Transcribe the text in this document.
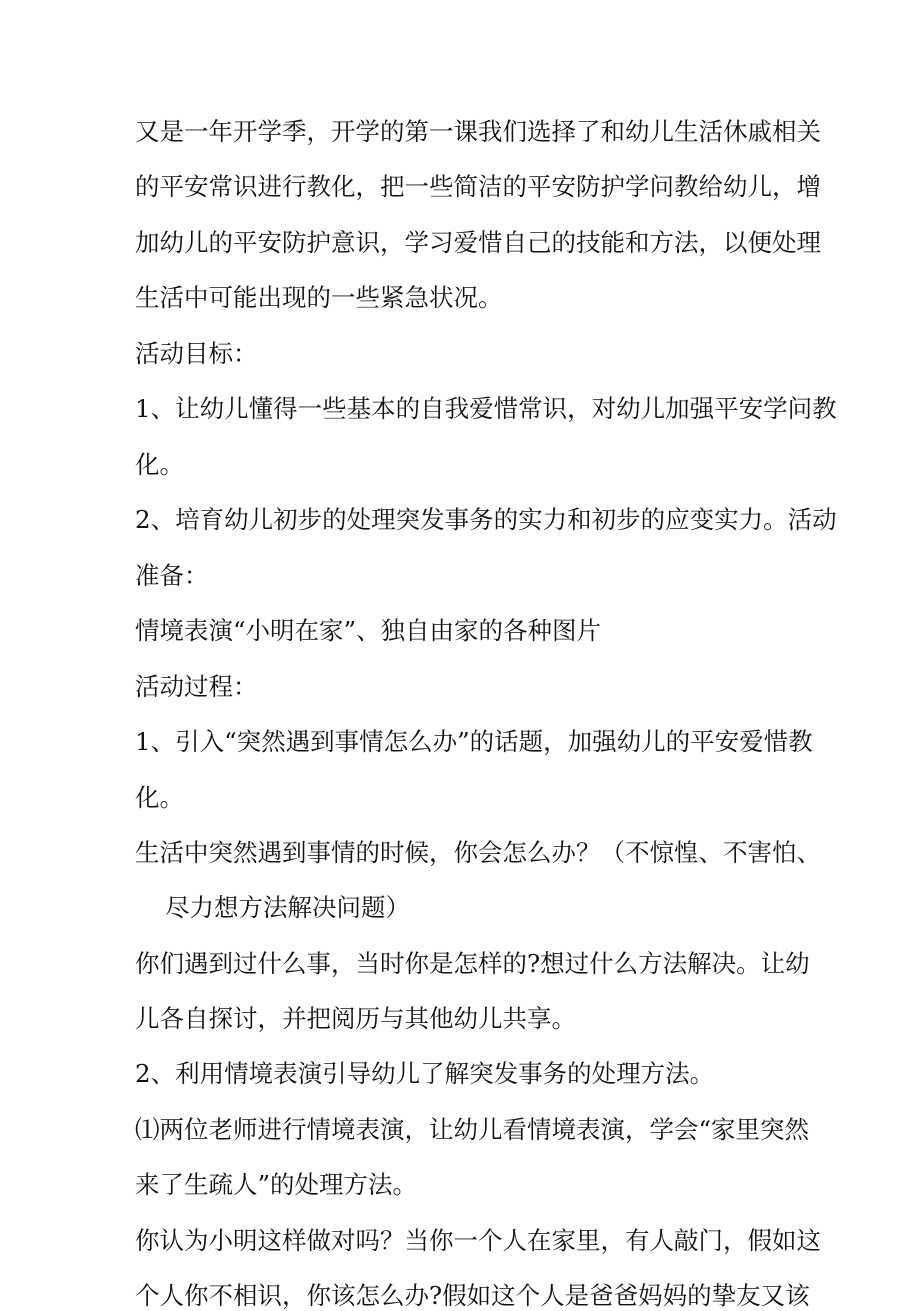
又是一年开学季，开学的第一课我们选择了和幼儿生活休戚相关
的平安常识进行教化，把一些简洁的平安防护学问教给幼儿，增
加幼儿的平安防护意识，学习爱惜自己的技能和方法，以便处理
生活中可能出现的一些紧急状况。
活动目标：
1、让幼儿懂得一些基本的自我爱惜常识，对幼儿加强平安学问教
化。
2、培育幼儿初步的处理突发事务的实力和初步的应变实力。活动
准备：
情境表演“小明在家”、独自由家的各种图片
活动过程：
1、引入“突然遇到事情怎么办”的话题，加强幼儿的平安爱惜教
化。
生活中突然遇到事情的时候，你会怎么办？（不惊惶、不害怕、
尽力想方法解决问题）
你们遇到过什么事，当时你是怎样的?想过什么方法解决。让幼
儿各自探讨，并把阅历与其他幼儿共享。
2、利用情境表演引导幼儿了解突发事务的处理方法。
⑴两位老师进行情境表演，让幼儿看情境表演，学会“家里突然
来了生疏人”的处理方法。
你认为小明这样做对吗？当你一个人在家里，有人敲门，假如这
个人你不相识，你该怎么办?假如这个人是爸爸妈妈的挚友又该
